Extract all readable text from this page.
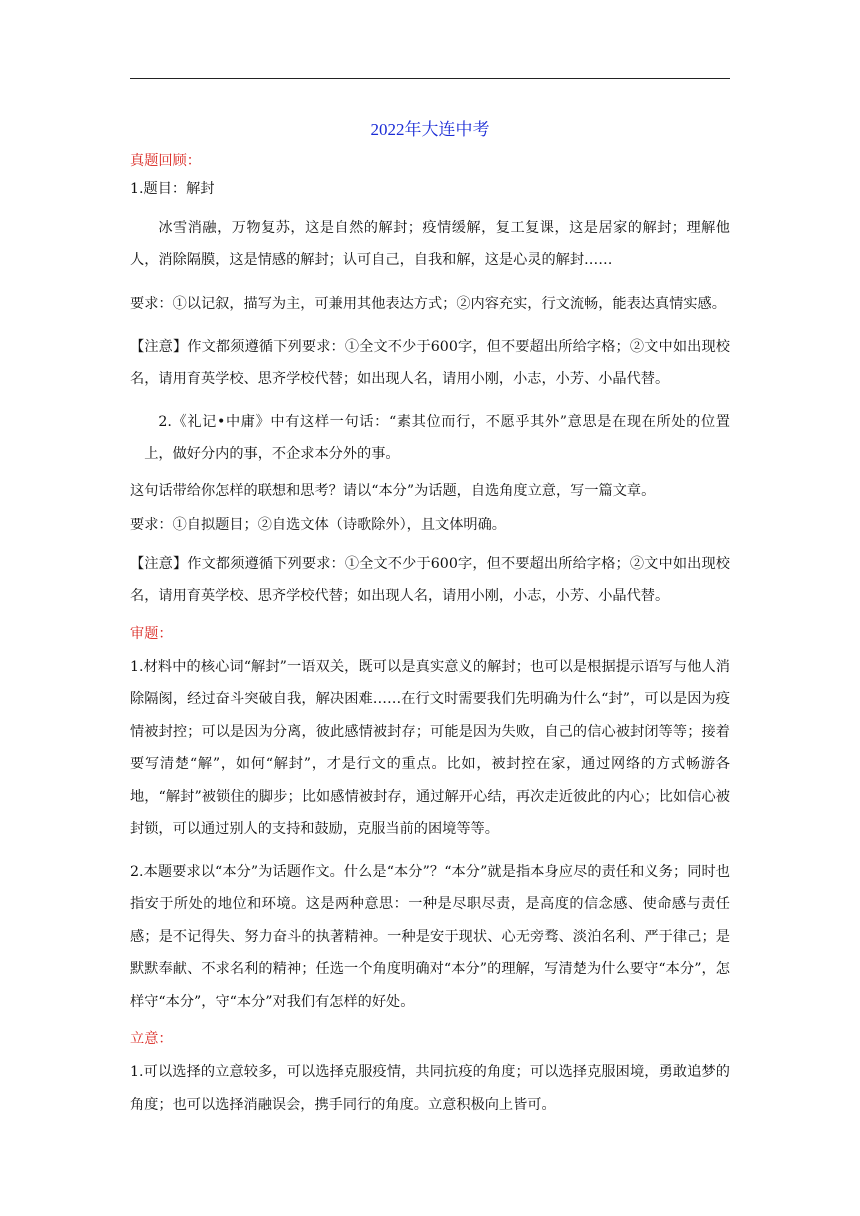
2022年大连中考
真题回顾：

1.题目：解封

冰雪消融，万物复苏，这是自然的解封；疫情缓解，复工复课，这是居家的解封；理解他人，消除隔膜，这是情感的解封；认可自己，自我和解，这是心灵的解封……

要求：①以记叙，描写为主，可兼用其他表达方式；②内容充实，行文流畅，能表达真情实感。

【注意】作文都须遵循下列要求：①全文不少于600字，但不要超出所给字格；②文中如出现校名，请用育英学校、思齐学校代替；如出现人名，请用小刚，小志，小芳、小晶代替。

2.《礼记•中庸》中有这样一句话：“素其位而行，不愿乎其外”意思是在现在所处的位置上，做好分内的事，不企求本分外的事。

这句话带给你怎样的联想和思考？请以“本分”为话题，自选角度立意，写一篇文章。

要求：①自拟题目；②自选文体（诗歌除外），且文体明确。

【注意】作文都须遵循下列要求：①全文不少于600字，但不要超出所给字格；②文中如出现校名，请用育英学校、思齐学校代替；如出现人名，请用小刚，小志，小芳、小晶代替。

审题：

1.材料中的核心词“解封”一语双关，既可以是真实意义的解封；也可以是根据提示语写与他人消除隔阂，经过奋斗突破自我，解决困难……在行文时需要我们先明确为什么“封”，可以是因为疫情被封控；可以是因为分离，彼此感情被封存；可能是因为失败，自己的信心被封闭等等；接着要写清楚“解”，如何“解封”，才是行文的重点。比如，被封控在家，通过网络的方式畅游各地，“解封”被锁住的脚步；比如感情被封存，通过解开心结，再次走近彼此的内心；比如信心被封锁，可以通过别人的支持和鼓励，克服当前的困境等等。

2.本题要求以“本分”为话题作文。什么是“本分”？“本分”就是指本身应尽的责任和义务；同时也指安于所处的地位和环境。这是两种意思：一种是尽职尽责，是高度的信念感、使命感与责任感；是不记得失、努力奋斗的执著精神。一种是安于现状、心无旁骛、淡泊名利、严于律己；是默默奉献、不求名利的精神；任选一个角度明确对“本分”的理解，写清楚为什么要守“本分”，怎样守“本分”，守“本分”对我们有怎样的好处。

立意：

1.可以选择的立意较多，可以选择克服疫情，共同抗疫的角度；可以选择克服困境，勇敢追梦的角度；也可以选择消融误会，携手同行的角度。立意积极向上皆可。
